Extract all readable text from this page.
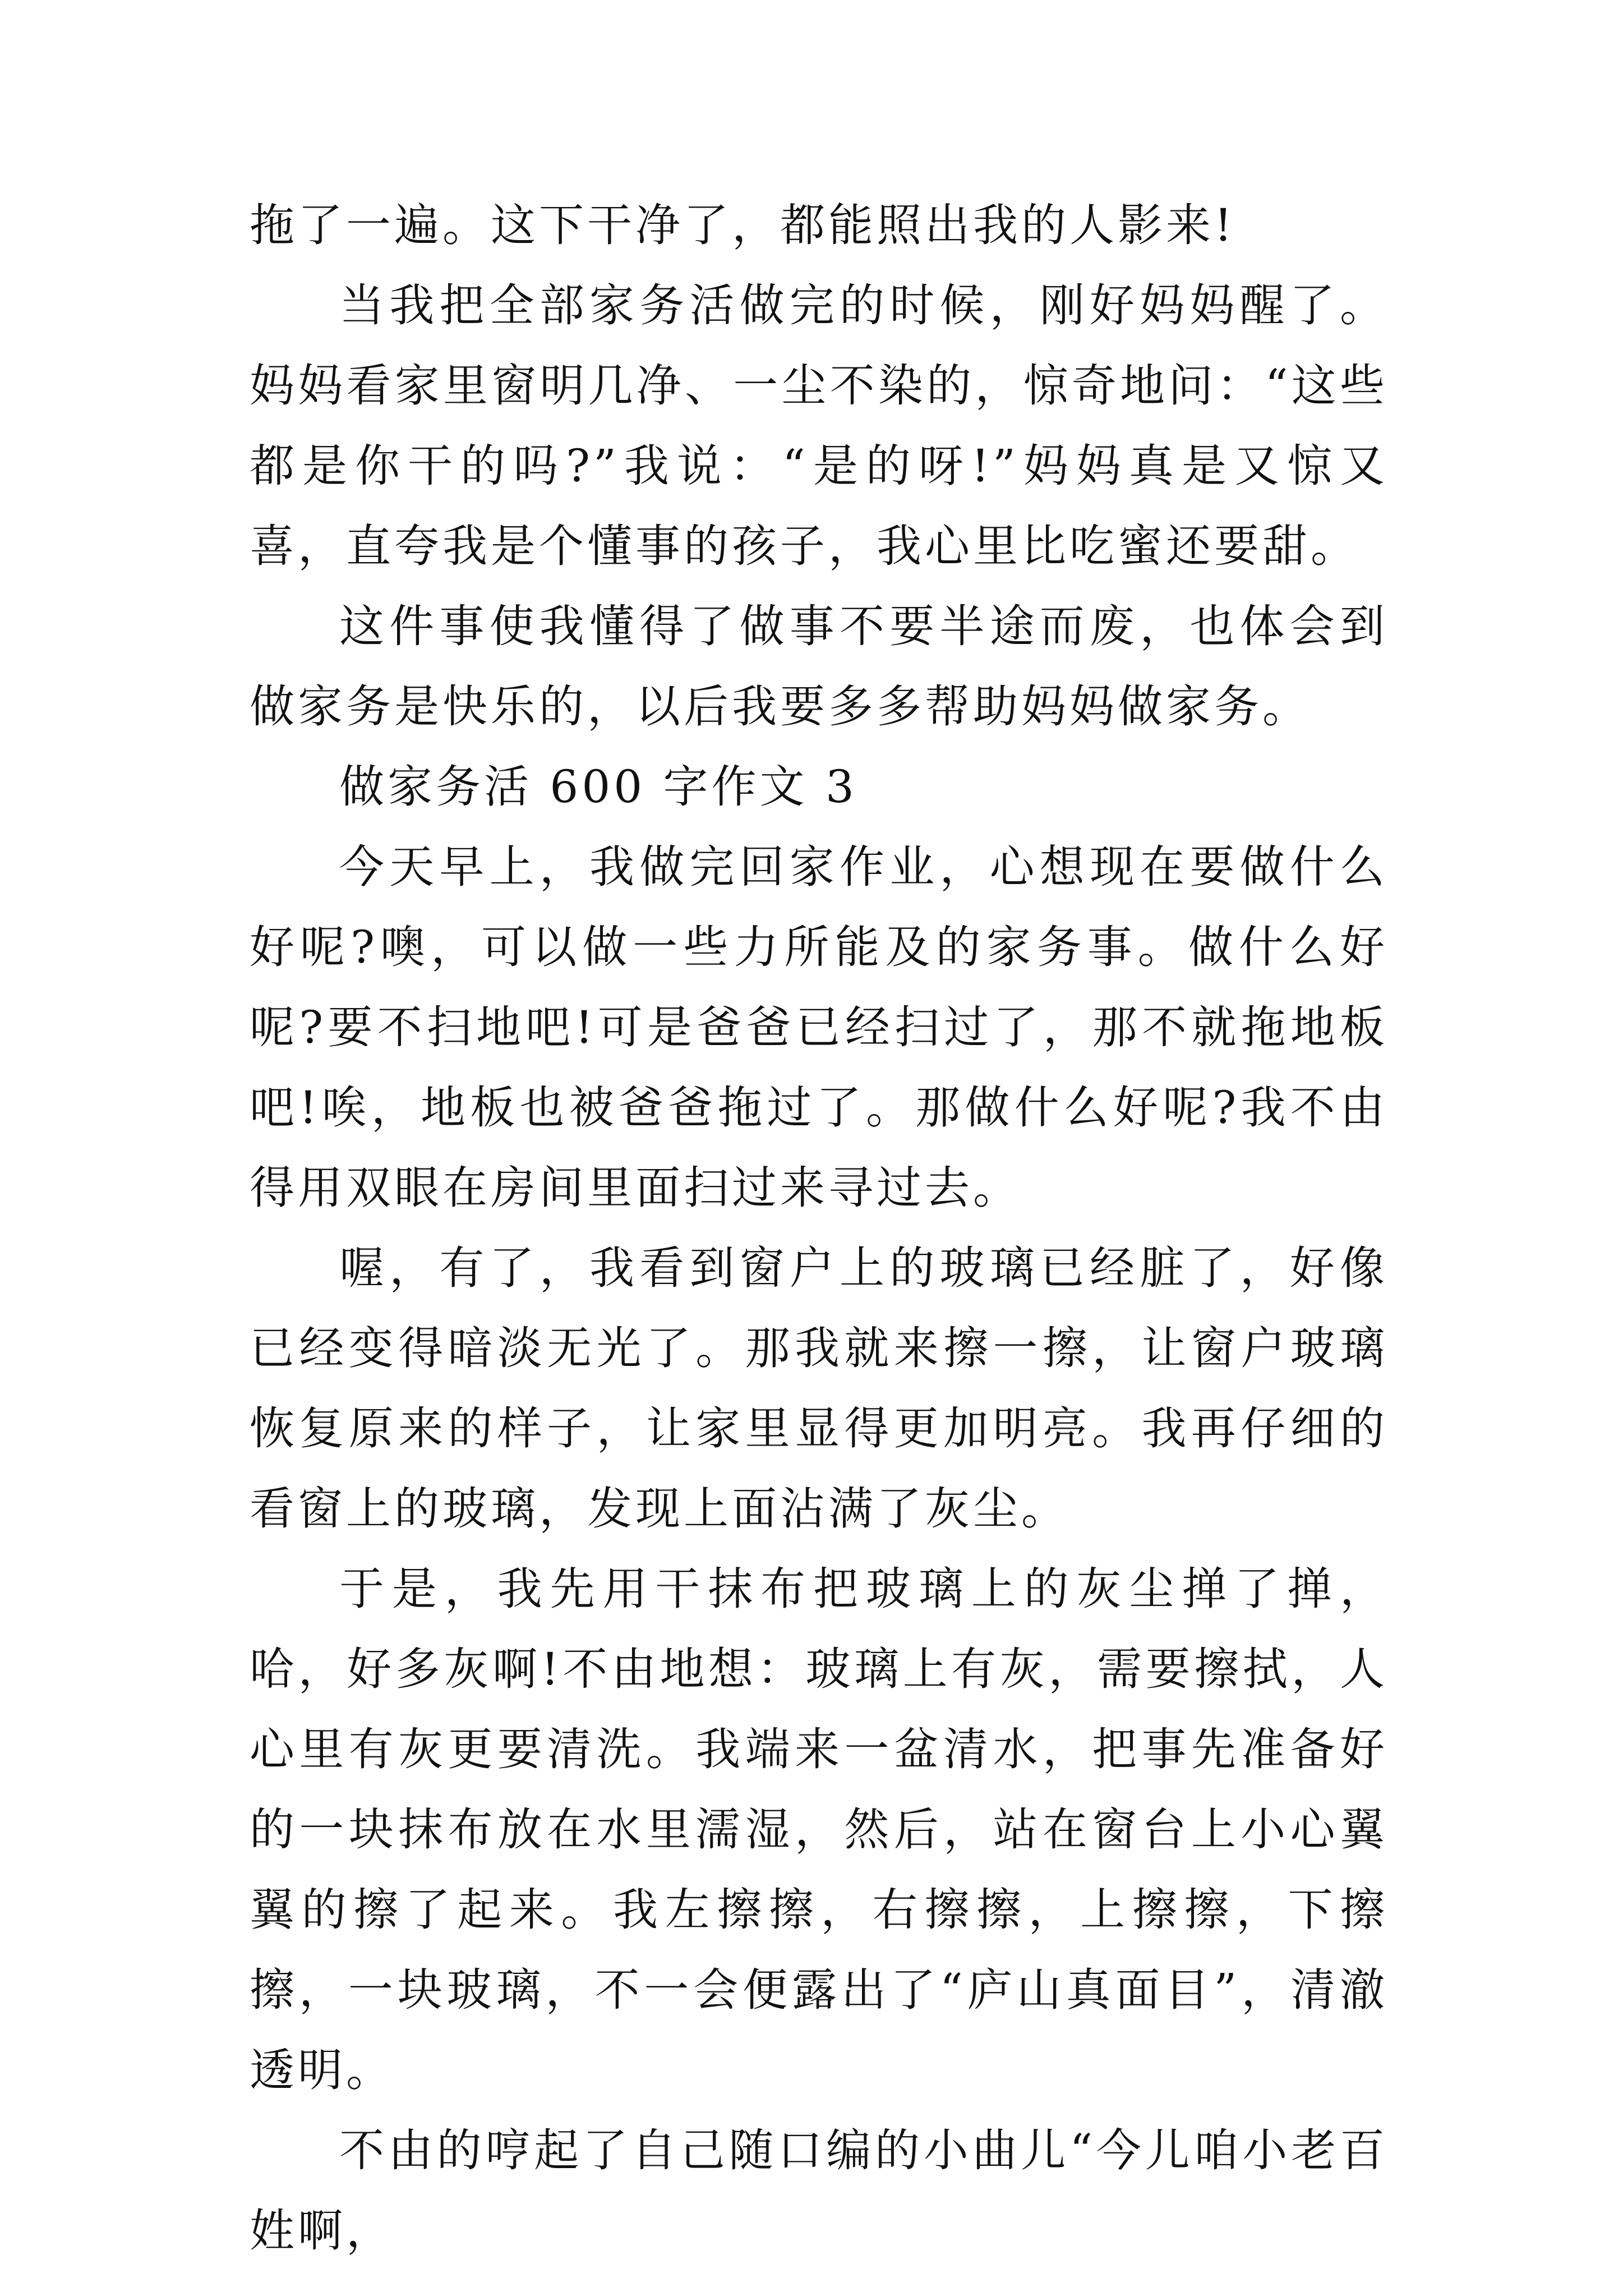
拖了一遍。这下干净了，都能照出我的人影来!

当我把全部家务活做完的时候，刚好妈妈醒了。妈妈看家里窗明几净、一尘不染的，惊奇地问：“这些都是你干的吗?”我说：“是的呀!”妈妈真是又惊又喜，直夸我是个懂事的孩子，我心里比吃蜜还要甜。

这件事使我懂得了做事不要半途而废，也体会到做家务是快乐的，以后我要多多帮助妈妈做家务。

做家务活 600 字作文 3

今天早上，我做完回家作业，心想现在要做什么好呢?噢，可以做一些力所能及的家务事。做什么好呢?要不扫地吧!可是爸爸已经扫过了，那不就拖地板吧!唉，地板也被爸爸拖过了。那做什么好呢?我不由得用双眼在房间里面扫过来寻过去。

喔，有了，我看到窗户上的玻璃已经脏了，好像已经变得暗淡无光了。那我就来擦一擦，让窗户玻璃恢复原来的样子，让家里显得更加明亮。我再仔细的看窗上的玻璃，发现上面沾满了灰尘。

于是，我先用干抹布把玻璃上的灰尘掸了掸，哈，好多灰啊!不由地想：玻璃上有灰，需要擦拭，人心里有灰更要清洗。我端来一盆清水，把事先准备好的一块抹布放在水里濡湿，然后，站在窗台上小心翼翼的擦了起来。我左擦擦，右擦擦，上擦擦，下擦擦，一块玻璃，不一会便露出了“庐山真面目”，清澈透明。

不由的哼起了自己随口编的小曲儿“今儿咱小老百姓啊，
